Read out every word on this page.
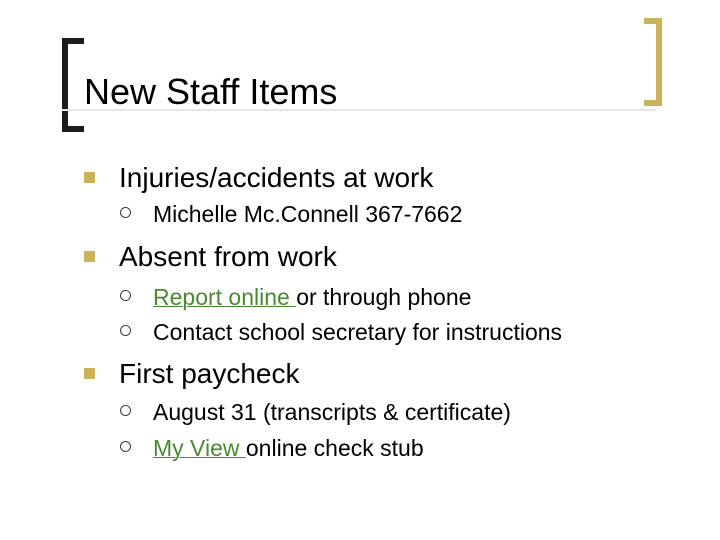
New Staff Items
Injuries/accidents at work
Michelle Mc.Connell 367-7662
Absent from work
Report online or through phone
Contact school secretary for instructions
First paycheck
August 31 (transcripts & certificate)
My View online check stub
